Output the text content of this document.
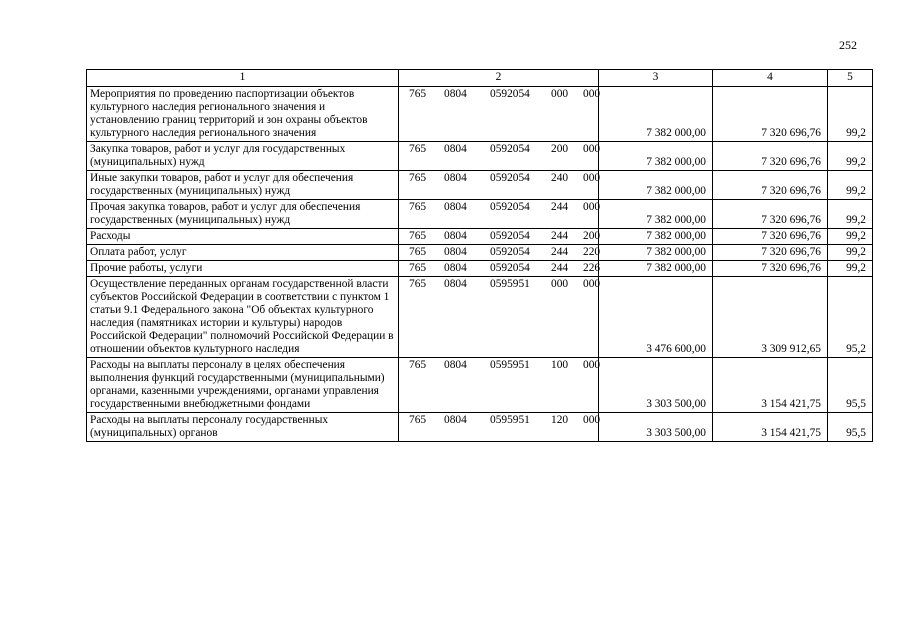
252
1	2	3	4	5
Мероприятия по проведению паспортизации объектов культурного наследия регионального значения и установлению границ территорий и зон охраны объектов культурного наследия регионального значения	765 0804 0592054 000 000	7 382 000,00	7 320 696,76	99,2
Закупка товаров, работ и услуг для государственных (муниципальных) нужд	765 0804 0592054 200 000	7 382 000,00	7 320 696,76	99,2
Иные закупки товаров, работ и услуг для обеспечения государственных (муниципальных) нужд	765 0804 0592054 240 000	7 382 000,00	7 320 696,76	99,2
Прочая закупка товаров, работ и услуг для обеспечения государственных (муниципальных) нужд	765 0804 0592054 244 000	7 382 000,00	7 320 696,76	99,2
Расходы	765 0804 0592054 244 200	7 382 000,00	7 320 696,76	99,2
Оплата работ, услуг	765 0804 0592054 244 220	7 382 000,00	7 320 696,76	99,2
Прочие работы, услуги	765 0804 0592054 244 226	7 382 000,00	7 320 696,76	99,2
Осуществление переданных органам государственной власти субъектов Российской Федерации в соответствии с пунктом 1 статьи 9.1 Федерального закона "Об объектах культурного наследия (памятниках истории и культуры) народов Российской Федерации" полномочий Российской Федерации в отношении объектов культурного наследия	765 0804 0595951 000 000	3 476 600,00	3 309 912,65	95,2
Расходы на выплаты персоналу в целях обеспечения выполнения функций государственными (муниципальными) органами, казенными учреждениями, органами управления государственными внебюджетными фондами	765 0804 0595951 100 000	3 303 500,00	3 154 421,75	95,5
Расходы на выплаты персоналу государственных (муниципальных) органов	765 0804 0595951 120 000	3 303 500,00	3 154 421,75	95,5
